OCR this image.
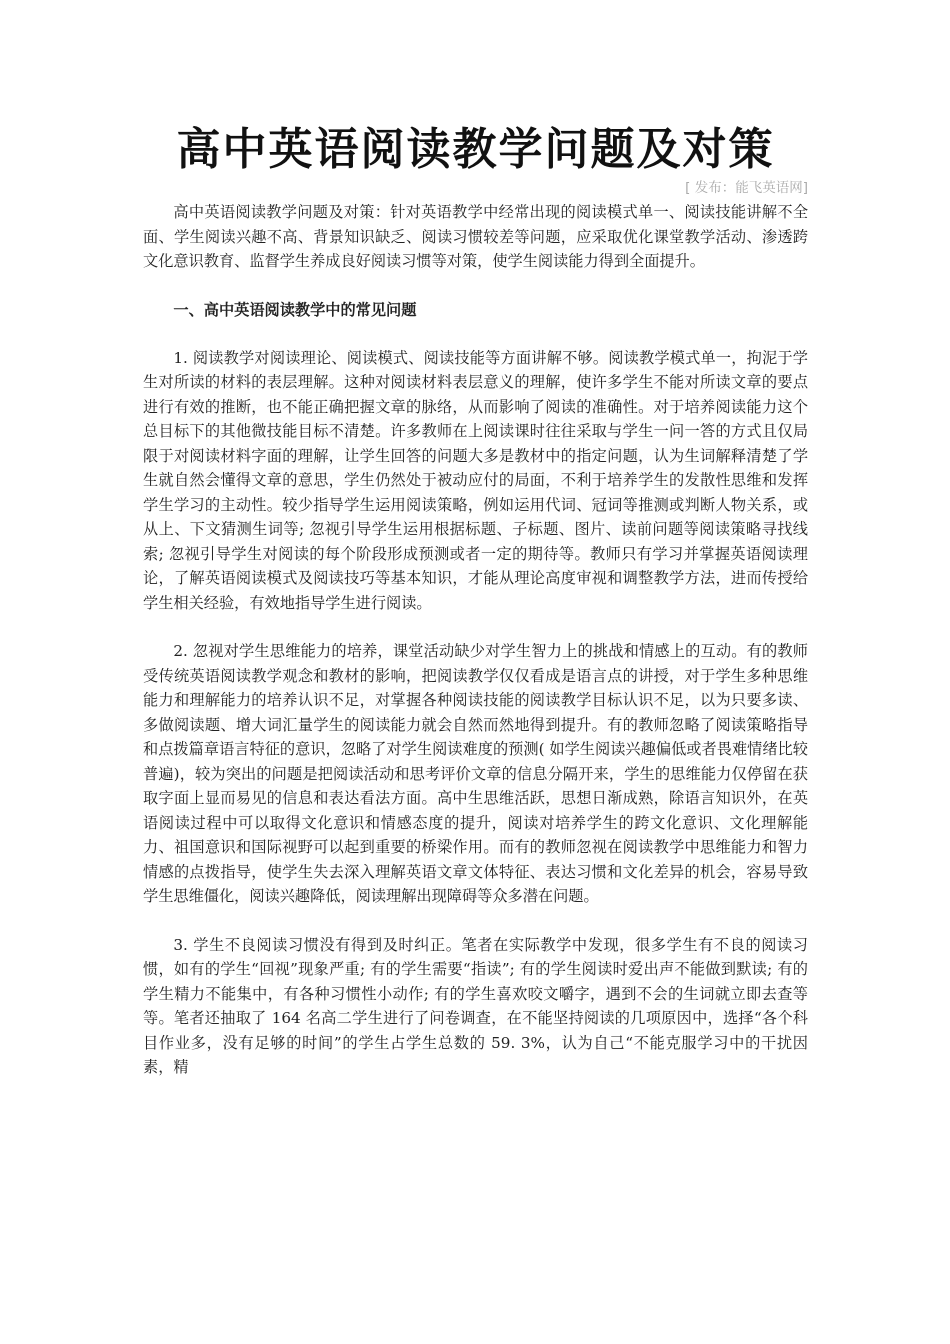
高中英语阅读教学问题及对策
[ 发布：能飞英语网]

高中英语阅读教学问题及对策：针对英语教学中经常出现的阅读模式单一、阅读技能讲解不全面、学生阅读兴趣不高、背景知识缺乏、阅读习惯较差等问题，应采取优化课堂教学活动、渗透跨文化意识教育、监督学生养成良好阅读习惯等对策，使学生阅读能力得到全面提升。

一、高中英语阅读教学中的常见问题

1. 阅读教学对阅读理论、阅读模式、阅读技能等方面讲解不够。阅读教学模式单一，拘泥于学生对所读的材料的表层理解。这种对阅读材料表层意义的理解，使许多学生不能对所读文章的要点进行有效的推断，也不能正确把握文章的脉络，从而影响了阅读的准确性。对于培养阅读能力这个总目标下的其他微技能目标不清楚。许多教师在上阅读课时往往采取与学生一问一答的方式且仅局限于对阅读材料字面的理解，让学生回答的问题大多是教材中的指定问题，认为生词解释清楚了学生就自然会懂得文章的意思，学生仍然处于被动应付的局面，不利于培养学生的发散性思维和发挥学生学习的主动性。较少指导学生运用阅读策略，例如运用代词、冠词等推测或判断人物关系，或从上、下文猜测生词等; 忽视引导学生运用根据标题、子标题、图片、读前问题等阅读策略寻找线索; 忽视引导学生对阅读的每个阶段形成预测或者一定的期待等。教师只有学习并掌握英语阅读理论，了解英语阅读模式及阅读技巧等基本知识，才能从理论高度审视和调整教学方法，进而传授给学生相关经验，有效地指导学生进行阅读。

2. 忽视对学生思维能力的培养，课堂活动缺少对学生智力上的挑战和情感上的互动。有的教师受传统英语阅读教学观念和教材的影响，把阅读教学仅仅看成是语言点的讲授，对于学生多种思维能力和理解能力的培养认识不足，对掌握各种阅读技能的阅读教学目标认识不足，以为只要多读、多做阅读题、增大词汇量学生的阅读能力就会自然而然地得到提升。有的教师忽略了阅读策略指导和点拨篇章语言特征的意识，忽略了对学生阅读难度的预测( 如学生阅读兴趣偏低或者畏难情绪比较普遍)，较为突出的问题是把阅读活动和思考评价文章的信息分隔开来，学生的思维能力仅停留在获取字面上显而易见的信息和表达看法方面。高中生思维活跃，思想日渐成熟，除语言知识外，在英语阅读过程中可以取得文化意识和情感态度的提升，阅读对培养学生的跨文化意识、文化理解能力、祖国意识和国际视野可以起到重要的桥梁作用。而有的教师忽视在阅读教学中思维能力和智力情感的点拨指导，使学生失去深入理解英语文章文体特征、表达习惯和文化差异的机会，容易导致学生思维僵化，阅读兴趣降低，阅读理解出现障碍等众多潜在问题。

3. 学生不良阅读习惯没有得到及时纠正。笔者在实际教学中发现，很多学生有不良的阅读习惯，如有的学生“回视”现象严重; 有的学生需要“指读”; 有的学生阅读时爱出声不能做到默读; 有的学生精力不能集中，有各种习惯性小动作; 有的学生喜欢咬文嚼字，遇到不会的生词就立即去查等等。笔者还抽取了 164 名高二学生进行了问卷调查，在不能坚持阅读的几项原因中，选择“各个科目作业多，没有足够的时间”的学生占学生总数的 59. 3%，认为自己“不能克服学习中的干扰因素，精
